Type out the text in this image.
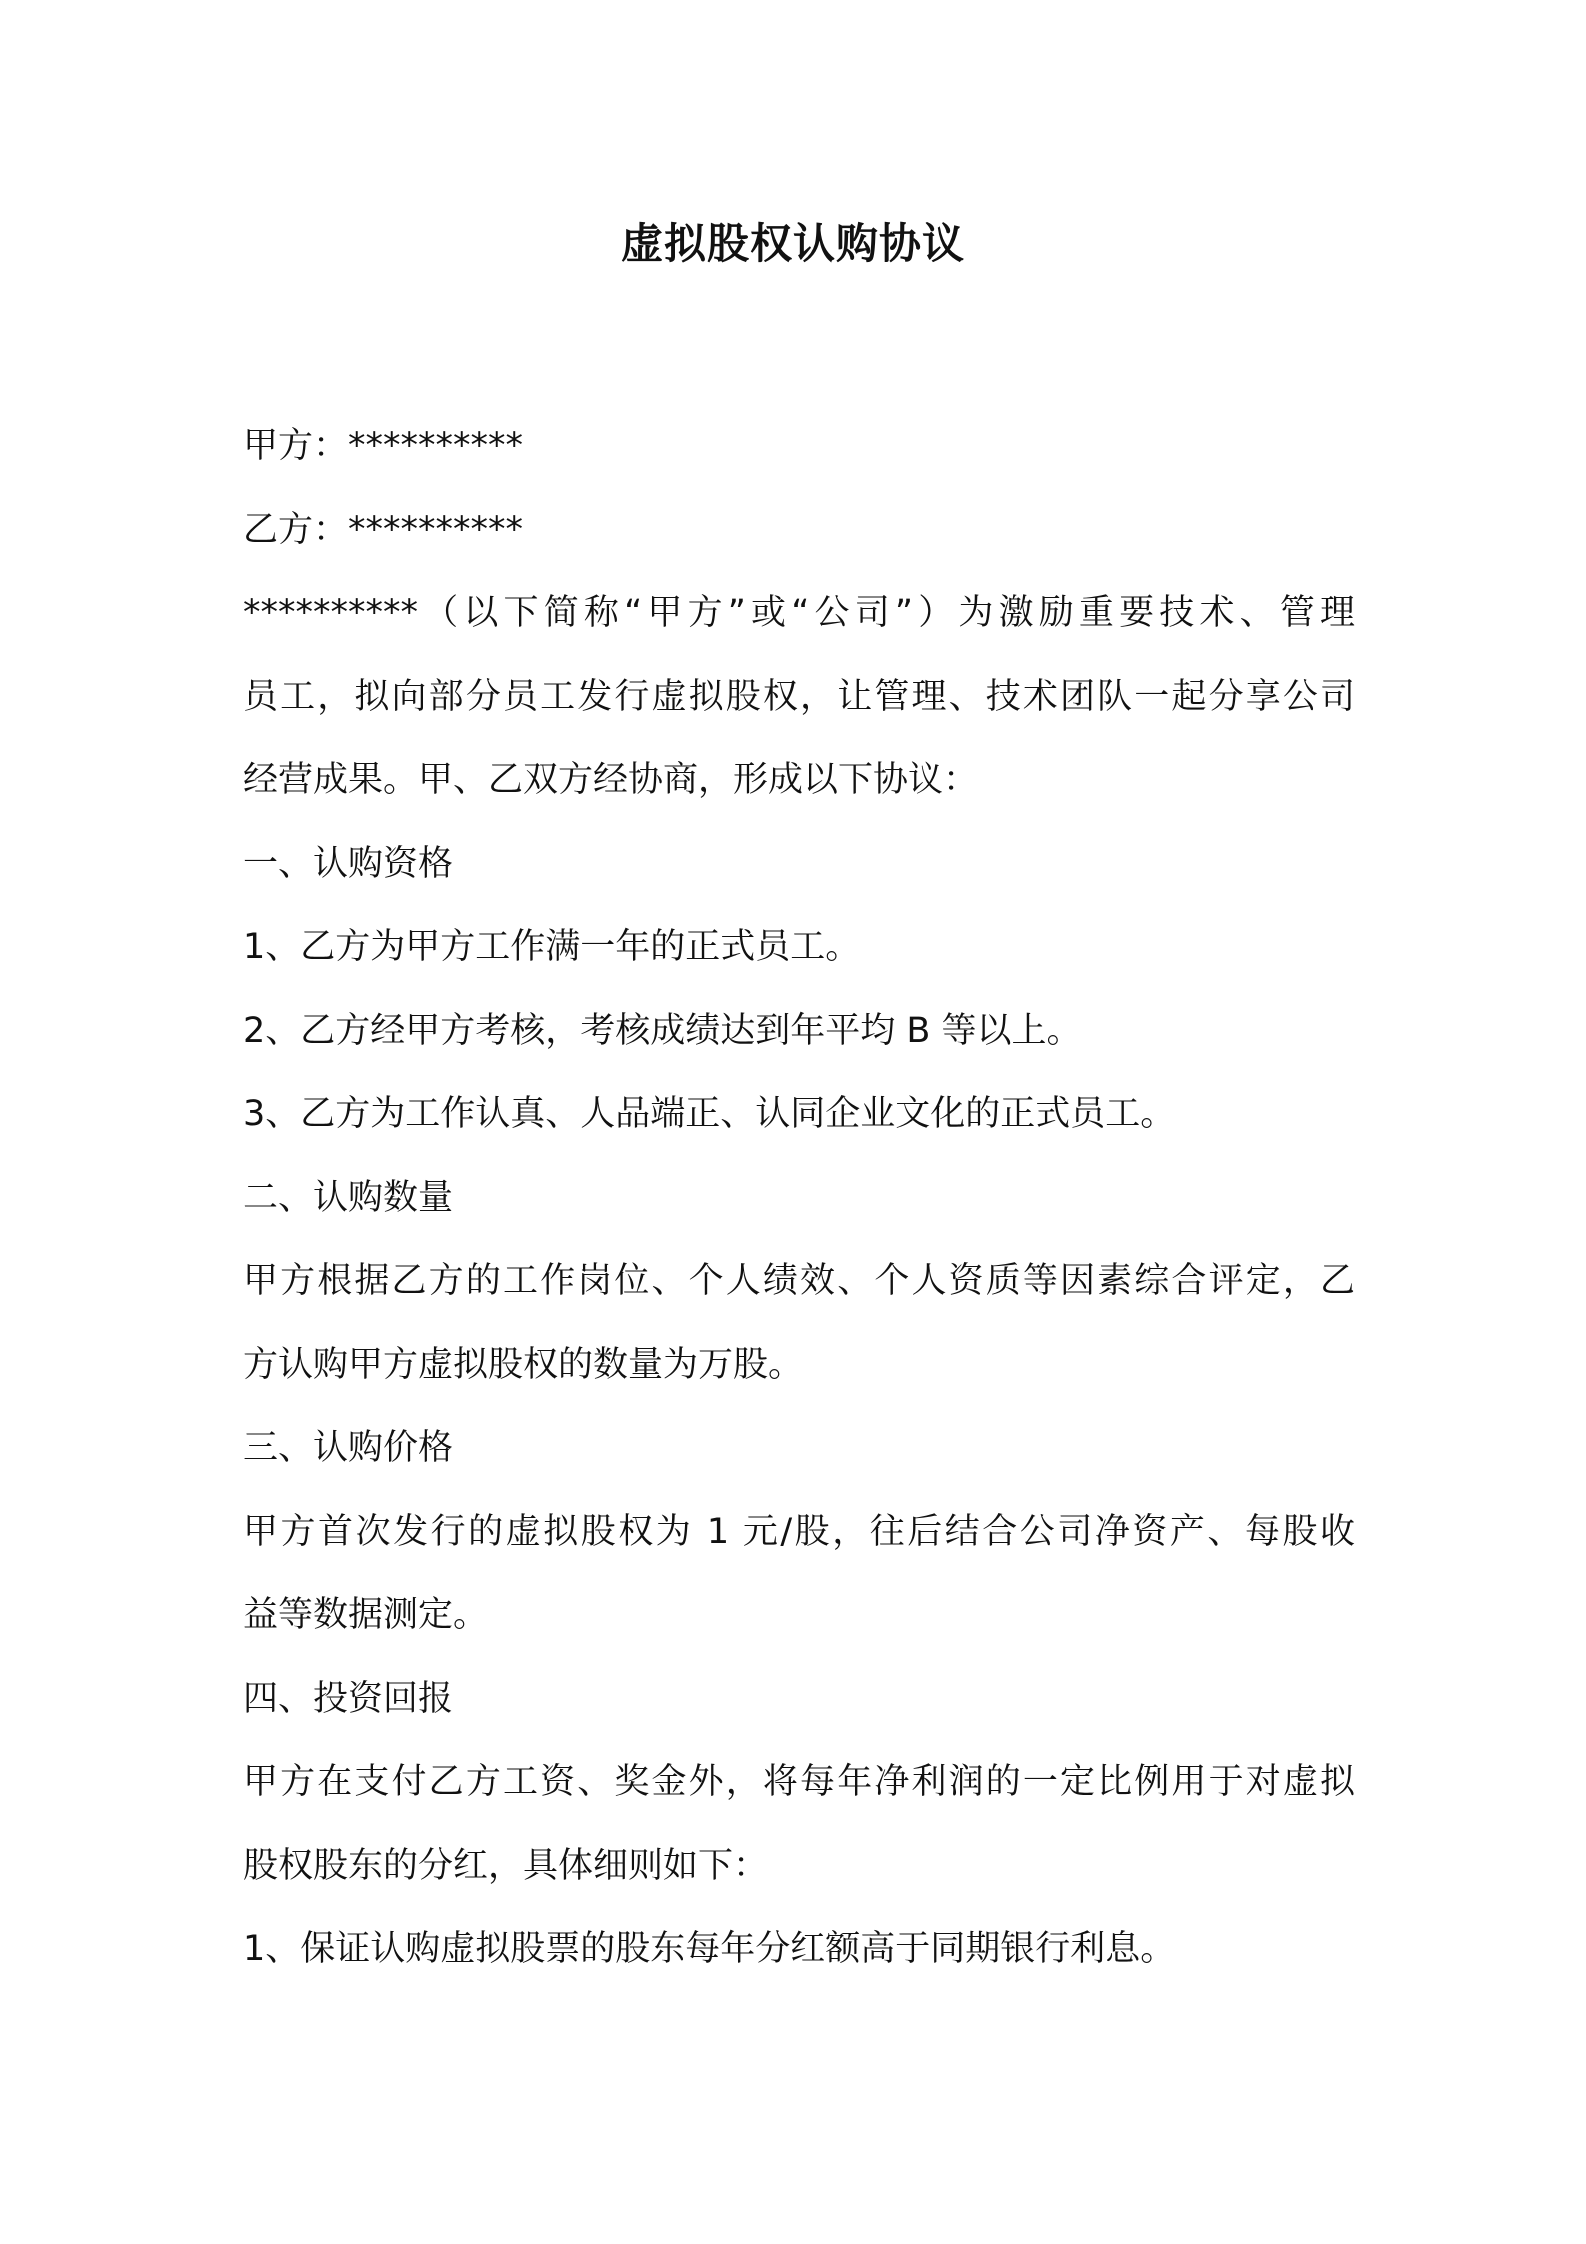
虚拟股权认购协议

甲方：**********

乙方：**********

**********（以下简称“甲方”或“公司”）为激励重要技术、管理

员工，拟向部分员工发行虚拟股权，让管理、技术团队一起分享公司

经营成果。甲、乙双方经协商，形成以下协议：

一、认购资格

1、乙方为甲方工作满一年的正式员工。

2、乙方经甲方考核，考核成绩达到年平均 B 等以上。

3、乙方为工作认真、人品端正、认同企业文化的正式员工。

二、认购数量

甲方根据乙方的工作岗位、个人绩效、个人资质等因素综合评定，乙

方认购甲方虚拟股权的数量为万股。

三、认购价格

甲方首次发行的虚拟股权为 1 元/股，往后结合公司净资产、每股收

益等数据测定。

四、投资回报

甲方在支付乙方工资、奖金外，将每年净利润的一定比例用于对虚拟

股权股东的分红，具体细则如下：

1、保证认购虚拟股票的股东每年分红额高于同期银行利息。
